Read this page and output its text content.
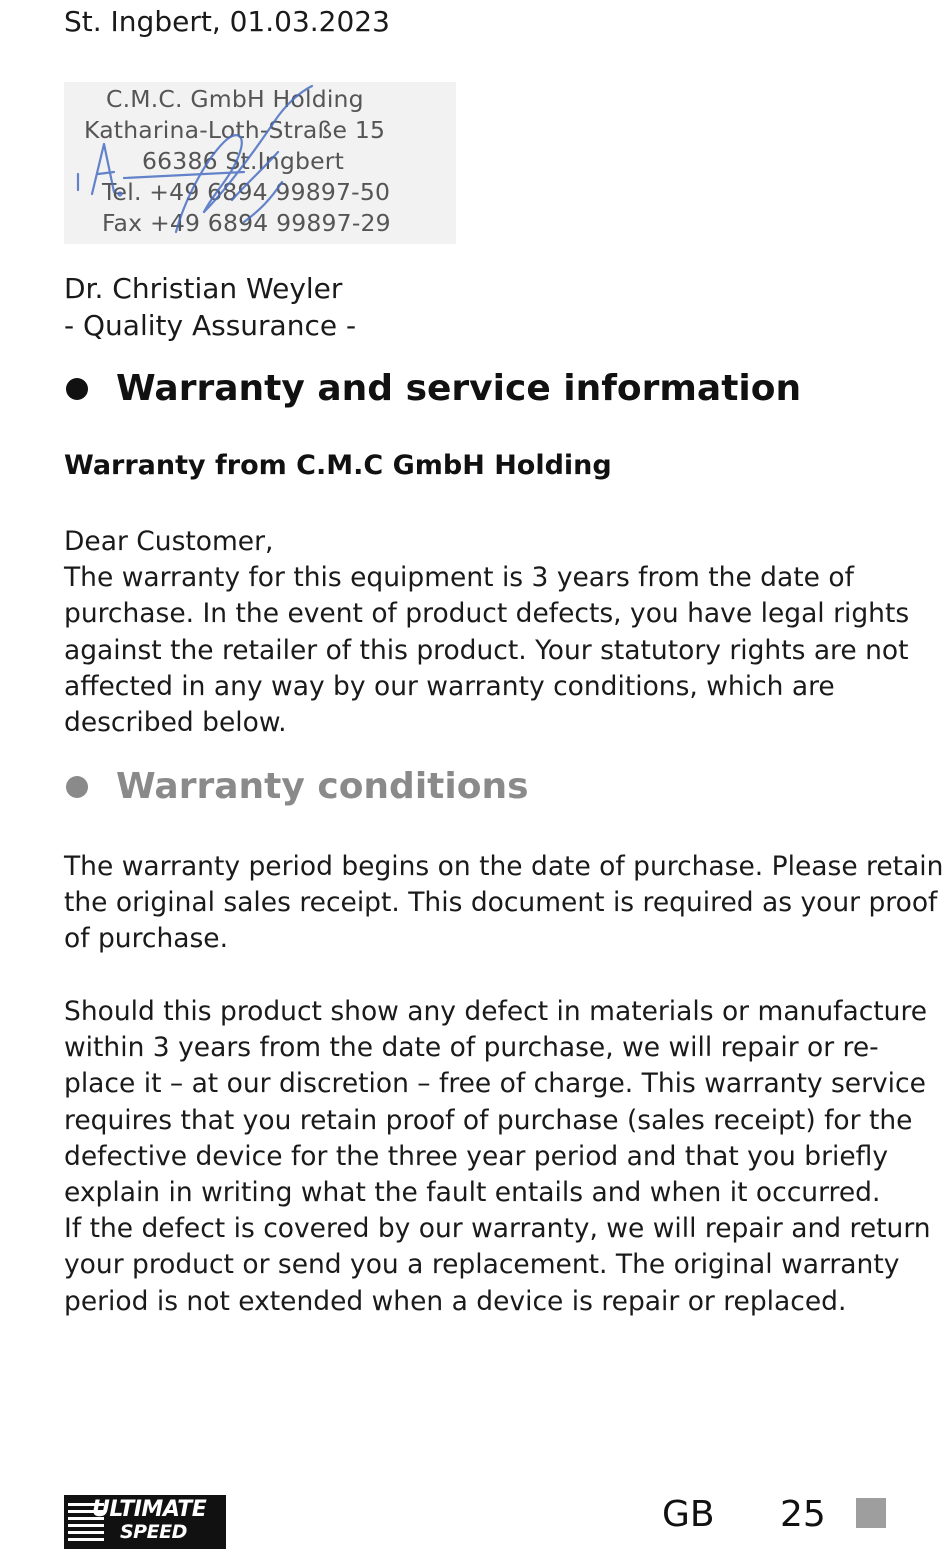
St. Ingbert, 01.03.2023
C.M.C. GmbH Holding
Katharina-Loth-Straße 15
66386 St.Ingbert
Tel. +49 6894 99897-50
Fax +49 6894 99897-29
Dr. Christian Weyler
- Quality Assurance -
Warranty and service information
Warranty from C.M.C GmbH Holding
Dear Customer,
The warranty for this equipment is 3 years from the date of
purchase. In the event of product defects, you have legal rights
against the retailer of this product. Your statutory rights are not
affected in any way by our warranty conditions, which are
described below.
Warranty conditions
The warranty period begins on the date of purchase. Please retain
the original sales receipt. This document is required as your proof
of purchase.
Should this product show any defect in materials or manufacture
within 3 years from the date of purchase, we will repair or re-
place it – at our discretion – free of charge. This warranty service
requires that you retain proof of purchase (sales receipt) for the
defective device for the three year period and that you briefly
explain in writing what the fault entails and when it occurred.
If the defect is covered by our warranty, we will repair and return
your product or send you a replacement. The original warranty
period is not extended when a device is repair or replaced.
ULTIMATE
SPEED	GB 25
